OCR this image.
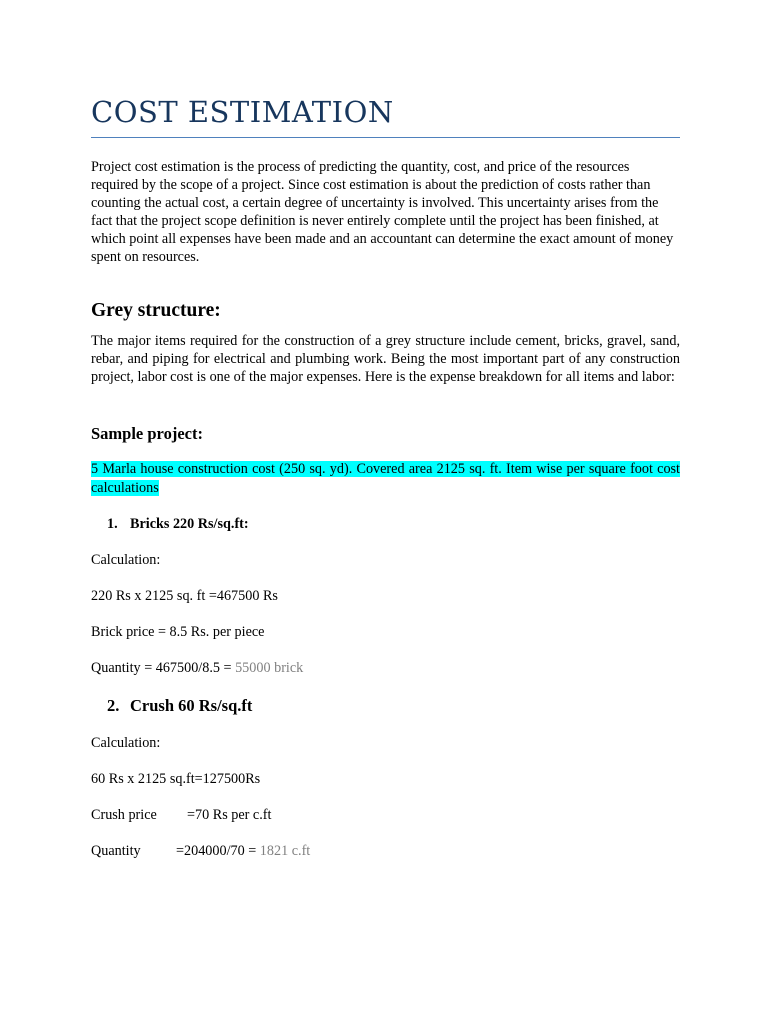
COST ESTIMATION

Project cost estimation is the process of predicting the quantity, cost, and price of the resources required by the scope of a project. Since cost estimation is about the prediction of costs rather than counting the actual cost, a certain degree of uncertainty is involved. This uncertainty arises from the fact that the project scope definition is never entirely complete until the project has been finished, at which point all expenses have been made and an accountant can determine the exact amount of money spent on resources.

Grey structure:

The major items required for the construction of a grey structure include cement, bricks, gravel, sand, rebar, and piping for electrical and plumbing work. Being the most important part of any construction project, labor cost is one of the major expenses. Here is the expense breakdown for all items and labor:

Sample project:
5 Marla house construction cost (250 sq. yd). Covered area 2125 sq. ft. Item wise per square foot cost calculations
1. Bricks 220 Rs/sq.ft:

Calculation:

220 Rs x 2125 sq. ft =467500 Rs

Brick price = 8.5 Rs. per piece

Quantity = 467500/8.5 = 55000 brick

2. Crush 60 Rs/sq.ft

Calculation:

60 Rs x 2125 sq.ft=127500Rs

Crush price =70 Rs per c.ft

Quantity =204000/70 = 1821 c.ft
